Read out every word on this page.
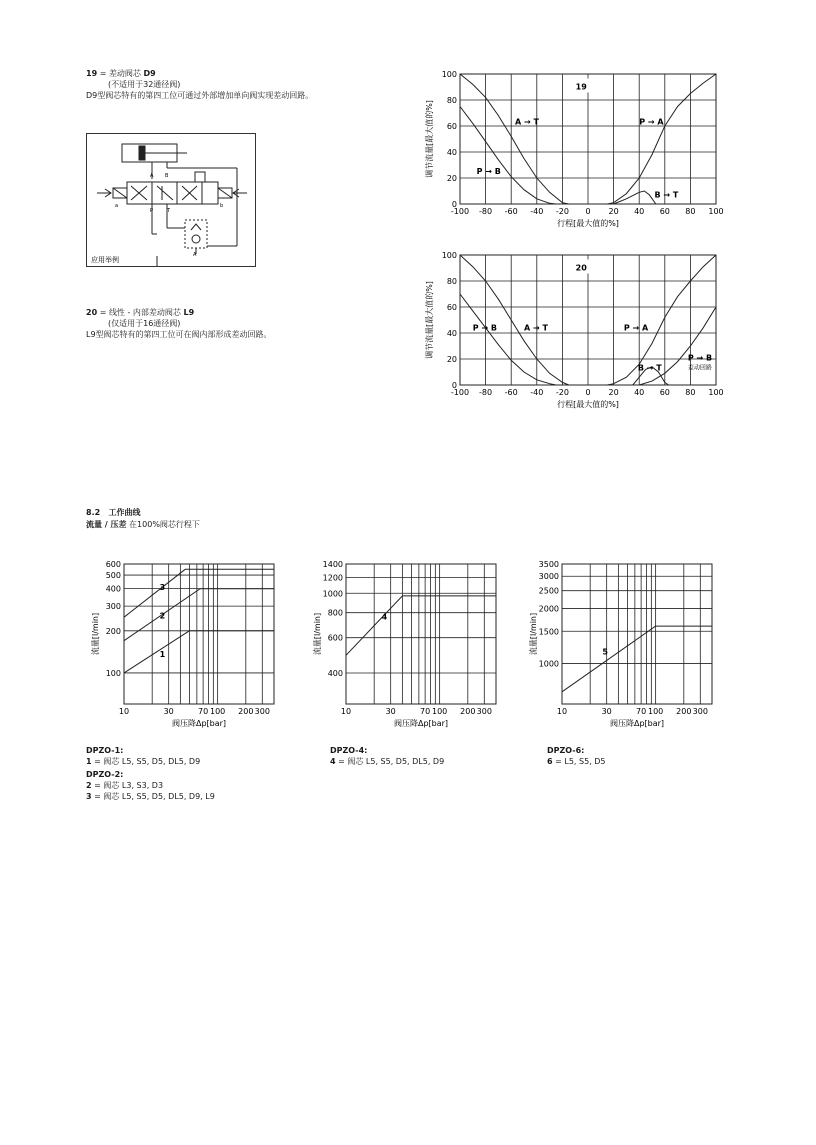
19 = 差动阀芯 D9
(不适用于32通径阀)
D9型阀芯特有的第四工位可通过外部增加单向阀实现差动回路。
A B
P	T
a	b
A
应用举例
20 = 线性 - 内部差动阀芯 L9
(仅适用于16通径阀)
L9型阀芯特有的第四工位可在阀内部形成差动回路。
-100 -80 -60 -40 -20 0 20 40 60 80 100
100
80
60
40
20
0
19
A → T
P → B
P → A
B → T
行程[最大值的%]
调节流量[最大值的%]
-100 -80 -60 -40 -20 0 20 40 60 80 100
100
80
60
40
20
0
20
P → B	A → T	P → A
B → T
P → B
差动回路
行程[最大值的%]
调节流量[最大值的%]
8.2 工作曲线
流量 / 压差 在100%阀芯行程下
10	30	70 100 200 300
600
500
400
300
200
100
1
2
3
阀压降Δp[bar]
流量[l/min]
10	30	70 100 200 300
1400
1200
1000
800
600
400
4
阀压降Δp[bar]
流量[l/min]
10	30	70 100 200 300
3500
3000
2500
2000
1500
1000
5
阀压降Δp[bar]
流量[l/min]
DPZO-1:
1 = 阀芯 L5, S5, D5, DL5, D9
DPZO-2:
2 = 阀芯 L3, S3, D3
3 = 阀芯 L5, S5, D5, DL5, D9, L9
DPZO-4:
4 = 阀芯 L5, S5, D5, DL5, D9
DPZO-6:
6 = L5, S5, D5
